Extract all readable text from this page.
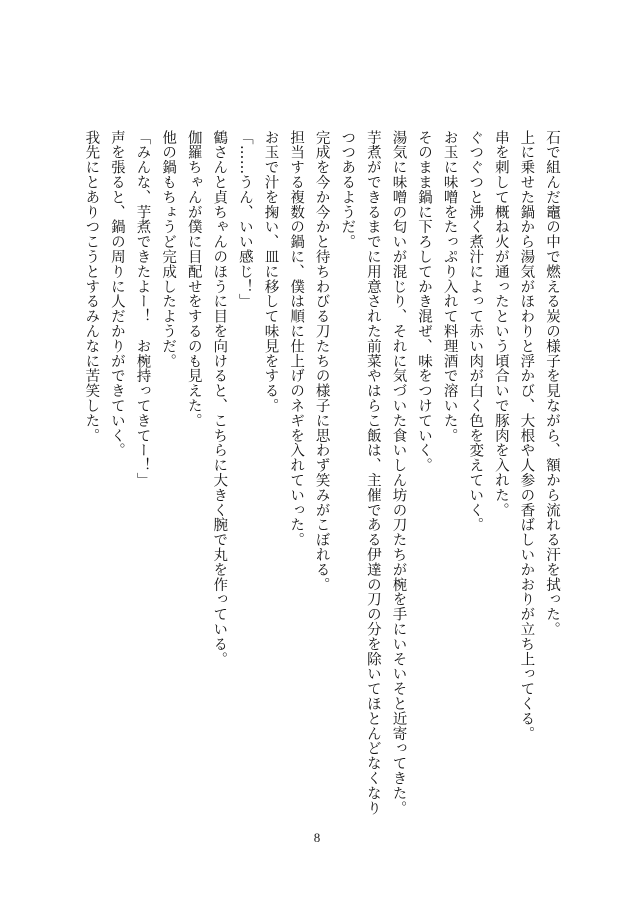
石で組んだ竈の中で燃える炭の様子を見ながら、額から流れる汗を拭った。
上に乗せた鍋から湯気がほわりと浮かび、大根や人参の香ばしいかおりが立ち上ってくる。
串を刺して概ね火が通ったという頃合いで豚肉を入れた。
ぐつぐつと沸く煮汁によって赤い肉が白く色を変えていく。
お玉に味噌をたっぷり入れて料理酒で溶いた。
そのまま鍋に下ろしてかき混ぜ、味をつけていく。
湯気に味噌の匂いが混じり、それに気づいた食いしん坊の刀たちが椀を手にいそいそと近寄ってきた。
芋煮ができるまでに用意された前菜やはらこ飯は、主催である伊達の刀の分を除いてほとんどなくなり
つつあるようだ。
完成を今か今かと待ちわびる刀たちの様子に思わず笑みがこぼれる。
担当する複数の鍋に、僕は順に仕上げのネギを入れていった。
お玉で汁を掬い、皿に移して味見をする。
「……うん、いい感じ！」
鶴さんと貞ちゃんのほうに目を向けると、こちらに大きく腕で丸を作っている。
伽羅ちゃんが僕に目配せをするのも見えた。
他の鍋もちょうど完成したようだ。
「みんな、芋煮できたよー！　お椀持ってきてー！」
声を張ると、鍋の周りに人だかりができていく。
我先にとありつこうとするみんなに苦笑した。
8
